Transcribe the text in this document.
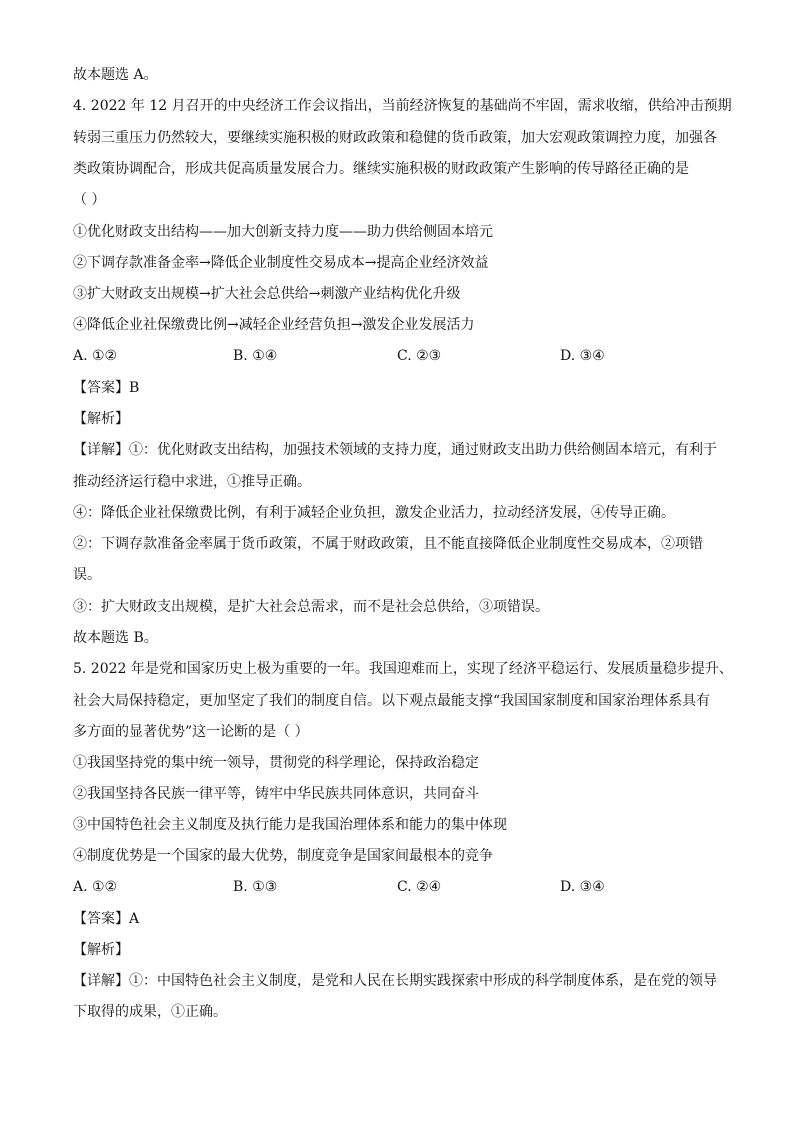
故本题选 A。
4. 2022 年 12 月召开的中央经济工作会议指出，当前经济恢复的基础尚不牢固，需求收缩，供给冲击预期
转弱三重压力仍然较大，要继续实施积极的财政政策和稳健的货币政策，加大宏观政策调控力度，加强各
类政策协调配合，形成共促高质量发展合力。继续实施积极的财政政策产生影响的传导路径正确的是
（ ）
①优化财政支出结构——加大创新支持力度——助力供给侧固本培元
②下调存款准备金率→降低企业制度性交易成本→提高企业经济效益
③扩大财政支出规模→扩大社会总供给→刺激产业结构优化升级
④降低企业社保缴费比例→减轻企业经营负担→激发企业发展活力
A. ①②	B. ①④	C. ②③	D. ③④
【答案】B
【解析】
【详解】①：优化财政支出结构，加强技术领域的支持力度，通过财政支出助力供给侧固本培元，有利于
推动经济运行稳中求进，①推导正确。
④：降低企业社保缴费比例，有利于减轻企业负担，激发企业活力，拉动经济发展，④传导正确。
②：下调存款准备金率属于货币政策，不属于财政政策，且不能直接降低企业制度性交易成本，②项错
误。
③：扩大财政支出规模，是扩大社会总需求，而不是社会总供给，③项错误。
故本题选 B。
5. 2022 年是党和国家历史上极为重要的一年。我国迎难而上，实现了经济平稳运行、发展质量稳步提升、
社会大局保持稳定，更加坚定了我们的制度自信。以下观点最能支撑“我国国家制度和国家治理体系具有
多方面的显著优势”这一论断的是（ ）
①我国坚持党的集中统一领导，贯彻党的科学理论，保持政治稳定
②我国坚持各民族一律平等，铸牢中华民族共同体意识，共同奋斗
③中国特色社会主义制度及执行能力是我国治理体系和能力的集中体现
④制度优势是一个国家的最大优势，制度竞争是国家间最根本的竞争
A. ①②	B. ①③	C. ②④	D. ③④
【答案】A
【解析】
【详解】①：中国特色社会主义制度，是党和人民在长期实践探索中形成的科学制度体系，是在党的领导
下取得的成果，①正确。
